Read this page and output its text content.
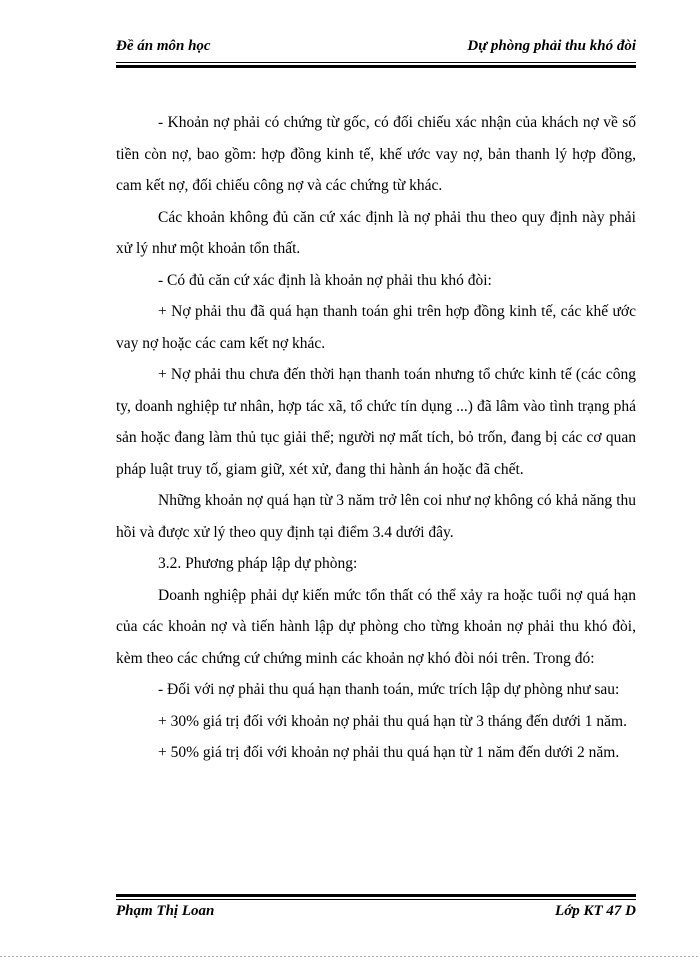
Đề án môn học	Dự phòng phải thu khó đòi

- Khoản nợ phải có chứng từ gốc, có đối chiếu xác nhận của khách nợ về số tiền còn nợ, bao gồm: hợp đồng kinh tế, khế ước vay nợ, bản thanh lý hợp đồng, cam kết nợ, đối chiếu công nợ và các chứng từ khác.

Các khoản không đủ căn cứ xác định là nợ phải thu theo quy định này phải xử lý như một khoản tổn thất.

- Có đủ căn cứ xác định là khoản nợ phải thu khó đòi:

+ Nợ phải thu đã quá hạn thanh toán ghi trên hợp đồng kinh tế, các khế ước vay nợ hoặc các cam kết nợ khác.

+ Nợ phải thu chưa đến thời hạn thanh toán nhưng tổ chức kinh tế (các công ty, doanh nghiệp tư nhân, hợp tác xã, tổ chức tín dụng ...) đã lâm vào tình trạng phá sản hoặc đang làm thủ tục giải thể; người nợ mất tích, bỏ trốn, đang bị các cơ quan pháp luật truy tố, giam giữ, xét xử, đang thi hành án hoặc đã chết.

Những khoản nợ quá hạn từ 3 năm trở lên coi như nợ không có khả năng thu hồi và được xử lý theo quy định tại điểm 3.4 dưới đây.

3.2. Phương pháp lập dự phòng:

Doanh nghiệp phải dự kiến mức tổn thất có thể xảy ra hoặc tuổi nợ quá hạn của các khoản nợ và tiến hành lập dự phòng cho từng khoản nợ phải thu khó đòi, kèm theo các chứng cứ chứng minh các khoản nợ khó đòi nói trên. Trong đó:

- Đối với nợ phải thu quá hạn thanh toán, mức trích lập dự phòng như sau:

+ 30% giá trị đối với khoản nợ phải thu quá hạn từ 3 tháng đến dưới 1 năm.

+ 50% giá trị đối với khoản nợ phải thu quá hạn từ 1 năm đến dưới 2 năm.

Phạm Thị Loan	Lớp KT 47 D
